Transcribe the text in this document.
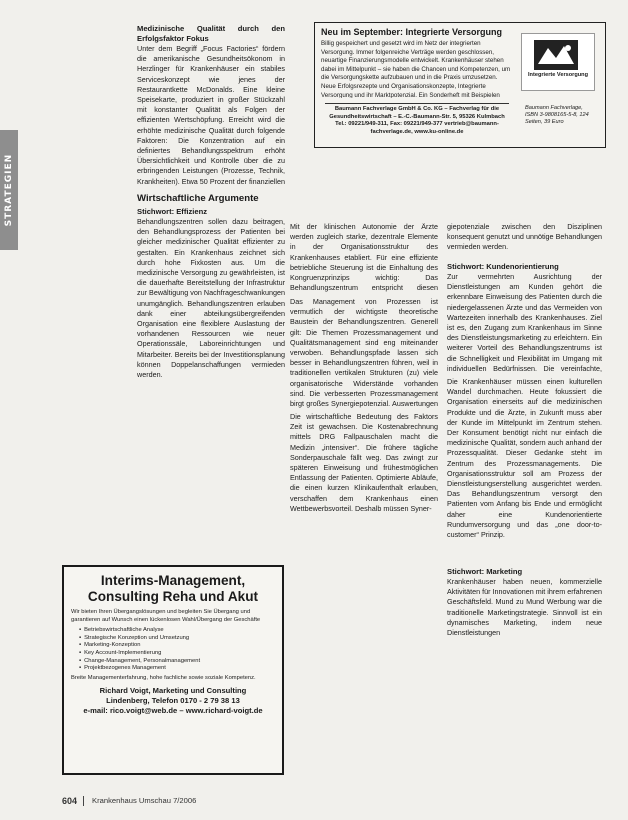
STRATEGIEN
Medizinische Qualität durch den Erfolgsfaktor Fokus

Unter dem Begriff „Focus Factories“ fördern die amerikanische Gesundheitsökonom in Herzlinger für Krankenhäuser ein stabiles Serviceskonzept wie jenes der Restaurantkette McDonalds. Eine kleine Speisekarte, produziert in großer Stückzahl mit konstanter Qualität als Folgen der effizienten Wertschöpfung. Erreicht wird die erhöhte medizinische Qualität durch folgende Faktoren: Die Konzentration auf ein definiertes Behandlungsspektrum erhöht Übersichtlichkeit und Kontrolle über die zu erbringenden Leistungen (Prozesse, Technik, Krankheiten). Etwa 50 Prozent der finanziellen

Wirtschaftliche Argumente
Stichwort: Effizienz

Behandlungszentren sollen dazu beitragen, den Behandlungsprozess der Patienten bei gleicher medizinischer Qualität effizienter zu gestalten. Ein Krankenhaus zeichnet sich durch hohe Fixkosten aus. Um die medizinische Versorgung zu gewährleisten, ist die dauerhafte Bereitstellung der Infrastruktur zur Bewältigung von Nachfrageschwankungen unumgänglich. Behandlungszentren erlauben dank einer abteilungsübergreifenden Organisation eine flexiblere Auslastung der vorhandenen Ressourcen wie neuer Operationssäle, Laboreinrichtungen und Mitarbeiter. Bereits bei der Investitionsplanung können Doppelanschaffungen vermieden werden.

Neu im September: Integrierte Versorgung
Billig gespeichert und gesetzt wird im Netz der integrierten Versorgung. Immer folgenreiche Verträge werden geschlossen, neuartige Finanzierungsmodelle entwickelt. Krankenhäuser stehen dabei im Mittelpunkt – sie haben die Chancen und Kompetenzen, um die Versorgungskette aufzubauen und in die Praxis umzusetzen. Neue Erfolgsrezepte und Organisationskonzepte, Integrierte Versorgung und ihr Marktpotenzial. Ein Sonderheft mit Beispielen
Integrierte Versorgung
Baumann Fachverlage GmbH & Co. KG – Fachverlag für die Gesundheitswirtschaft – E.-C.-Baumann-Str. 5, 95326 Kulmbach Tel.: 09221/949-311, Fax: 09221/949-377 vertrieb@baumann-fachverlage.de, www.ku-online.de
Baumann Fachverlage, ISBN 3-9808165-5-8, 124 Seiten, 39 Euro

Mit der klinischen Autonomie der Ärzte werden zugleich starke, dezentrale Elemente in der Organisationsstruktur des Krankenhauses etabliert. Für eine effiziente betriebliche Steuerung ist die Einhaltung des Kongruenzprinzips wichtig: Das Behandlungszentrum entspricht diesen

Das Management von Prozessen ist vermutlich der wichtigste theoretische Baustein der Behandlungszentren. Generell gilt: Die Themen Prozessmanagement und Qualitätsmanagement sind eng miteinander verwoben. Behandlungspfade lassen sich besser in Behandlungszentren führen, weil in traditionellen vertikalen Strukturen (zu) viele organisatorische Widerstände vorhanden sind. Die verbesserten Prozessmanagement birgt großes Synergiepotenzial. Auswertungen

Die wirtschaftliche Bedeutung des Faktors Zeit ist gewachsen. Die Kostenabrechnung mittels DRG Fallpauschalen macht die Medizin „intensiver“. Die frühere tägliche Sonderpauschale fällt weg. Das zwingt zur späteren Einweisung und frühestmöglichen Entlassung der Patienten. Optimierte Abläufe, die einen kurzen Klinikaufenthalt erlauben, verschaffen dem Krankenhaus einen Wettbewerbsvorteil. Deshalb müssen Syner-

giepotenziale zwischen den Disziplinen konsequent genutzt und unnötige Behandlungen vermieden werden.

Stichwort: Kundenorientierung

Zur vermehrten Ausrichtung der Dienstleistungen am Kunden gehört die erkennbare Einweisung des Patienten durch die niedergelassenen Ärzte und das Vermeiden von Wartezeiten innerhalb des Krankenhauses. Ziel ist es, den Zugang zum Krankenhaus im Sinne des Dienstleistungsmarketing zu erleichtern. Ein weiterer Vorteil des Behandlungszentrums ist die Schnelligkeit und Flexibilität im Umgang mit individuellen Bedürfnissen. Die vereinfachte,

Die Krankenhäuser müssen einen kulturellen Wandel durchmachen. Heute fokussiert die Organisation einerseits auf die medizinischen Produkte und die Ärzte, in Zukunft muss aber der Kunde im Mittelpunkt im Zentrum stehen. Der Konsument benötigt nicht nur einfach die medizinische Qualität, sondern auch anhand der Prozessqualität. Dieser Gedanke steht im Zentrum des Prozessmanagements. Die Organisationsstruktur soll am Prozess der Dienstleistungserstellung ausgerichtet werden. Das Behandlungszentrum versorgt den Patienten vom Anfang bis Ende und ermöglicht daher eine Kundenorientierte Rundumversorgung und das „one door-to-customer“ Prinzip.

Stichwort: Marketing

Krankenhäuser haben neuen, kommerzielle Aktivitäten für Innovationen mit ihrem erfahrenen Geschäftsfeld. Mund zu Mund Werbung war die traditionelle Marketingstrategie. Sinnvoll ist ein dynamisches Marketing, indem neue Dienstleistungen

Interims-Management, Consulting Reha und Akut
Wir bieten Ihren Übergangslösungen und begleiten Sie Übergang und garantieren auf Wunsch einen lückenlosen Wahl/Übergang der Geschäfte
▪ Betriebswirtschaftliche Analyse
▪ Strategische Konzeption und Umsetzung
▪ Marketing-Konzeption
▪ Key Account-Implementierung
▪ Change-Management, Personalmanagement
▪ Projektbezogenes Management
Breite Managementerfahrung, hohe fachliche sowie soziale Kompetenz.
Richard Voigt, Marketing und Consulting
Lindenberg, Telefon 0170 - 2 79 38 13
e-mail: rico.voigt@web.de – www.richard-voigt.de
604 Krankenhaus Umschau 7/2006
